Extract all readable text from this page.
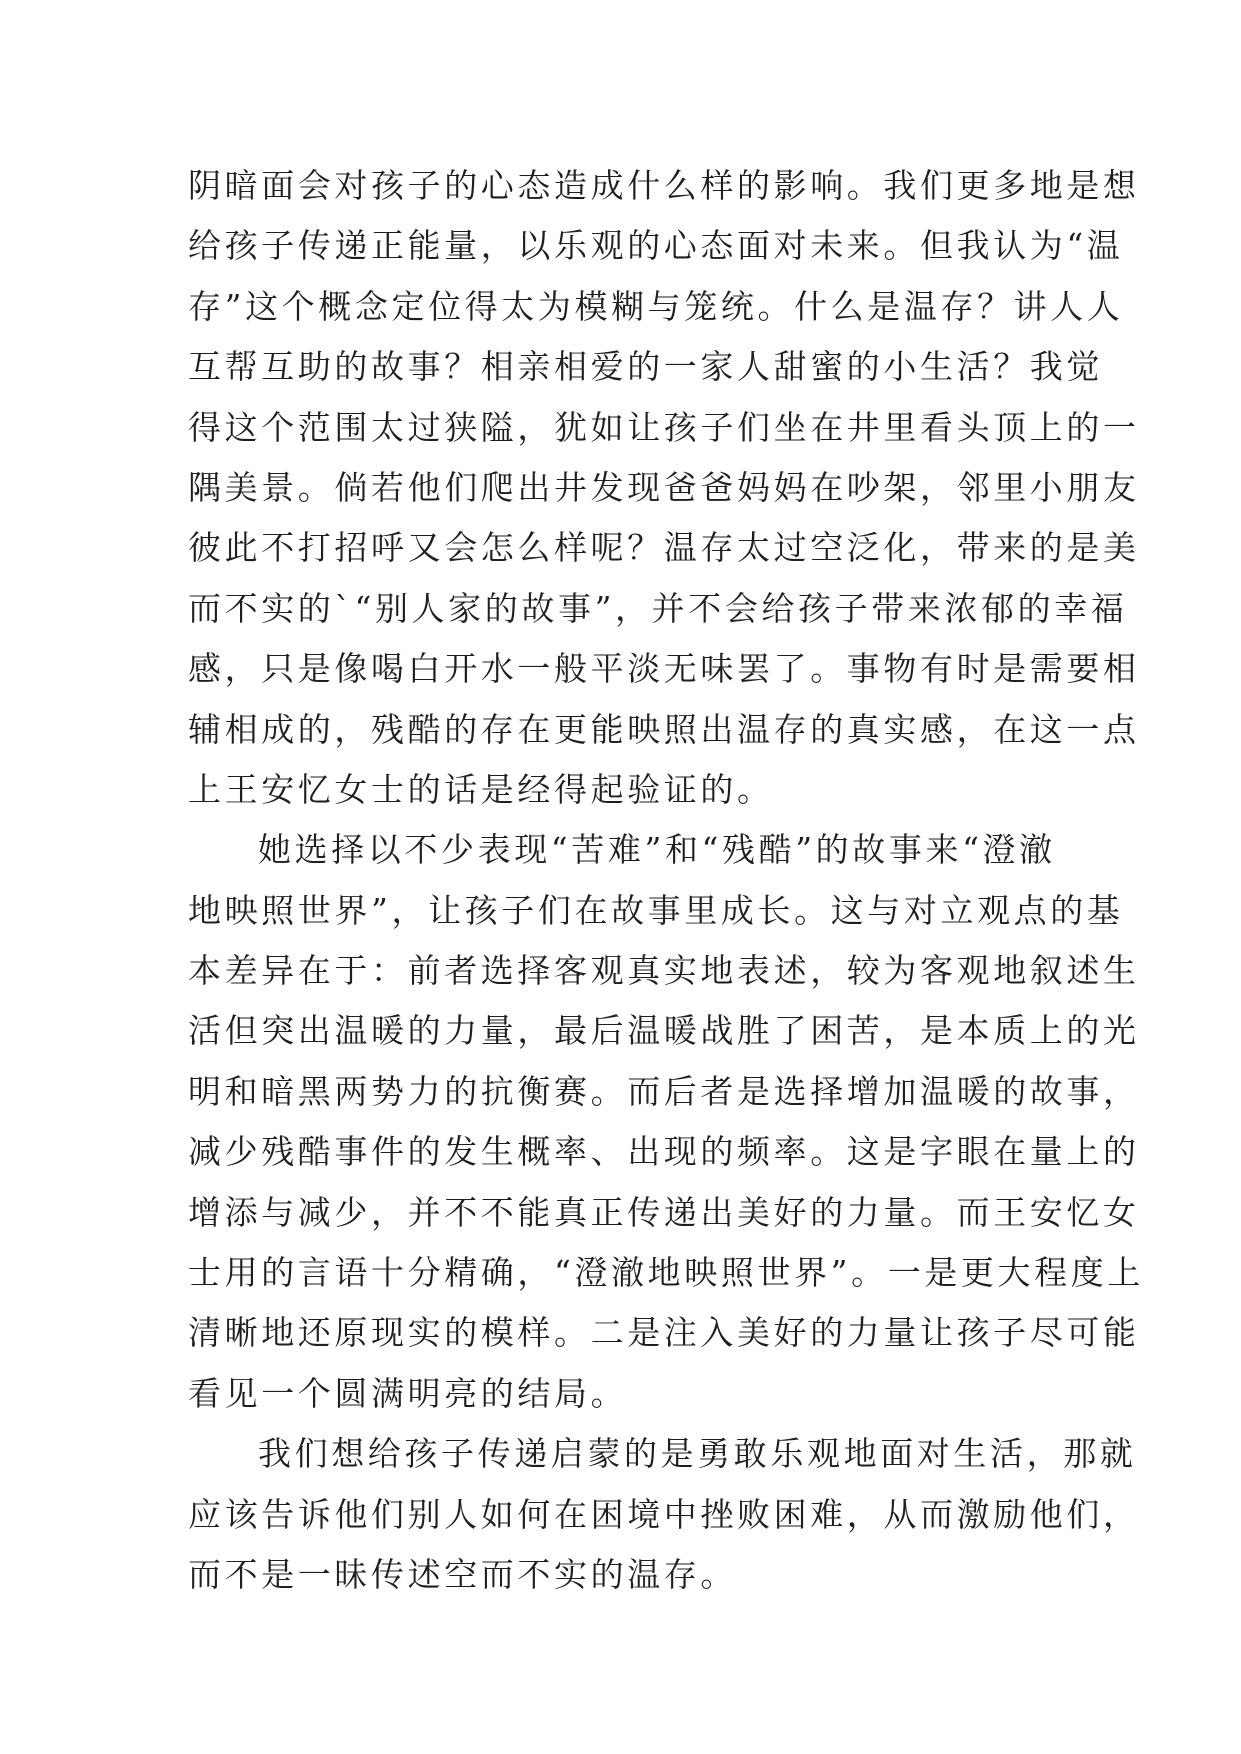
阴暗面会对孩子的心态造成什么样的影响。我们更多地是想
给孩子传递正能量，以乐观的心态面对未来。但我认为“温
存”这个概念定位得太为模糊与笼统。什么是温存？讲人人
互帮互助的故事？相亲相爱的一家人甜蜜的小生活？我觉
得这个范围太过狭隘，犹如让孩子们坐在井里看头顶上的一
隅美景。倘若他们爬出井发现爸爸妈妈在吵架，邻里小朋友
彼此不打招呼又会怎么样呢？温存太过空泛化，带来的是美
而不实的`“别人家的故事”，并不会给孩子带来浓郁的幸福
感，只是像喝白开水一般平淡无味罢了。事物有时是需要相
辅相成的，残酷的存在更能映照出温存的真实感，在这一点
上王安忆女士的话是经得起验证的。
她选择以不少表现“苦难”和“残酷”的故事来“澄澈
地映照世界”，让孩子们在故事里成长。这与对立观点的基
本差异在于：前者选择客观真实地表述，较为客观地叙述生
活但突出温暖的力量，最后温暖战胜了困苦，是本质上的光
明和暗黑两势力的抗衡赛。而后者是选择增加温暖的故事，
减少残酷事件的发生概率、出现的频率。这是字眼在量上的
增添与减少，并不不能真正传递出美好的力量。而王安忆女
士用的言语十分精确，“澄澈地映照世界”。一是更大程度上
清晰地还原现实的模样。二是注入美好的力量让孩子尽可能
看见一个圆满明亮的结局。
我们想给孩子传递启蒙的是勇敢乐观地面对生活，那就
应该告诉他们别人如何在困境中挫败困难，从而激励他们，
而不是一昧传述空而不实的温存。
